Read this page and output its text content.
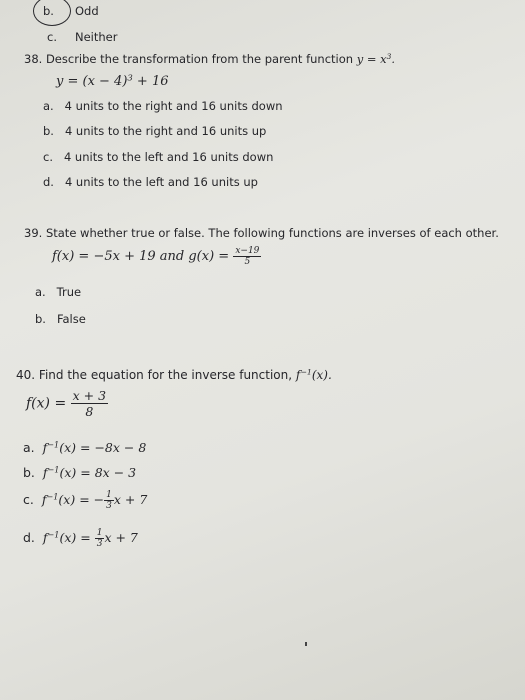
b. Odd
c. Neither
38. Describe the transformation from the parent function $y = x^3$.
$y = (x - 4)^3 + 16$
a. 4 units to the right and 16 units down
b. 4 units to the right and 16 units up
c. 4 units to the left and 16 units down
d. 4 units to the left and 16 units up
39. State whether true or false. The following functions are inverses of each other.
f(x) = −5x + 19 and $g(x) = \frac{x-19}{5}$
a. True
b. False
40. Find the equation for the inverse function, $f^{-1}(x)$.
$f(x) = \frac{x + 3}{8}$
a. $f^{-1}(x) = -8x - 8$
b. $f^{-1}(x) = 8x - 3$
c. $f^{-1}(x)$ = − $\frac{1}{3}$ x + 7
d. $f^{-1}(x) = \frac{1}{3}$ x + 7
